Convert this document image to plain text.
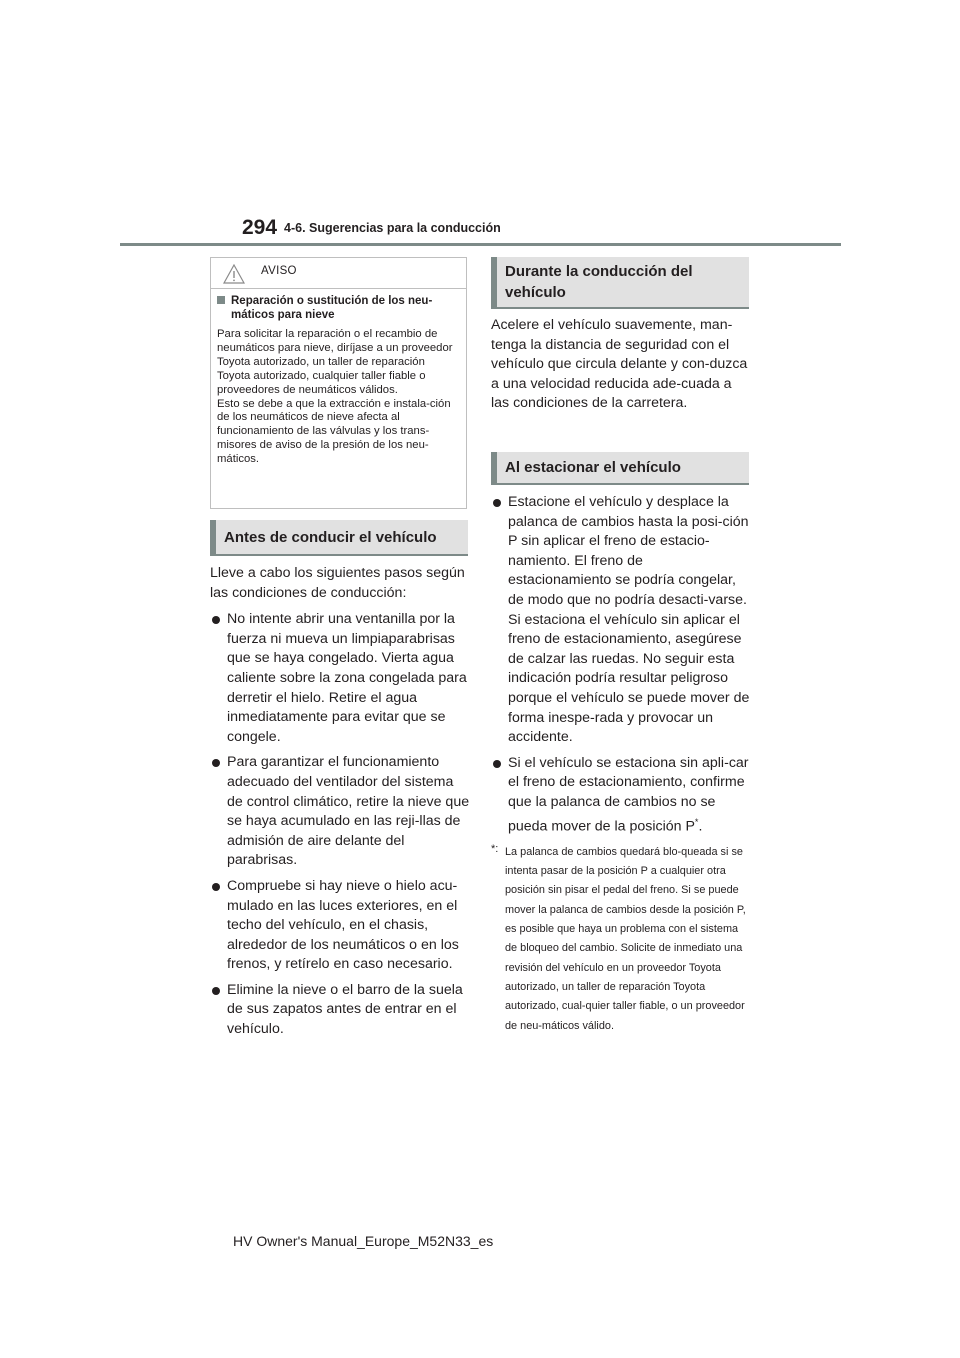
294 4-6. Sugerencias para la conducción
AVISO
Reparación o sustitución de los neu-máticos para nieve
Para solicitar la reparación o el recambio de neumáticos para nieve, diríjase a un proveedor Toyota autorizado, un taller de reparación Toyota autorizado, cualquier taller fiable o proveedores de neumáticos válidos.
Esto se debe a que la extracción e instala-ción de los neumáticos de nieve afecta al funcionamiento de las válvulas y los trans-misores de aviso de la presión de los neu-máticos.
Antes de conducir el vehículo
Lleve a cabo los siguientes pasos según las condiciones de conducción:
No intente abrir una ventanilla por la fuerza ni mueva un limpiaparabrisas que se haya congelado. Vierta agua caliente sobre la zona congelada para derretir el hielo. Retire el agua inmediatamente para evitar que se congele.
Para garantizar el funcionamiento adecuado del ventilador del sistema de control climático, retire la nieve que se haya acumulado en las reji-llas de admisión de aire delante del parabrisas.
Compruebe si hay nieve o hielo acu-mulado en las luces exteriores, en el techo del vehículo, en el chasis, alrededor de los neumáticos o en los frenos, y retírelo en caso necesario.
Elimine la nieve o el barro de la suela de sus zapatos antes de entrar en el vehículo.
Durante la conducción del vehículo
Acelere el vehículo suavemente, man-tenga la distancia de seguridad con el vehículo que circula delante y con-duzca a una velocidad reducida ade-cuada a las condiciones de la carretera.
Al estacionar el vehículo
Estacione el vehículo y desplace la palanca de cambios hasta la posi-ción P sin aplicar el freno de estacio-namiento. El freno de estacionamiento se podría congelar, de modo que no podría desacti-varse. Si estaciona el vehículo sin aplicar el freno de estacionamiento, asegúrese de calzar las ruedas. No seguir esta indicación podría resultar peligroso porque el vehículo se puede mover de forma inespe-rada y provocar un accidente.
Si el vehículo se estaciona sin apli-car el freno de estacionamiento, confirme que la palanca de cambios no se pueda mover de la posición P*.
*: La palanca de cambios quedará blo-queada si se intenta pasar de la posición P a cualquier otra posición sin pisar el pedal del freno. Si se puede mover la palanca de cambios desde la posición P, es posible que haya un problema con el sistema de bloqueo del cambio. Solicite de inmediato una revisión del vehículo en un proveedor Toyota autorizado, un taller de reparación Toyota autorizado, cual-quier taller fiable, o un proveedor de neu-máticos válido.
HV Owner's Manual_Europe_M52N33_es
